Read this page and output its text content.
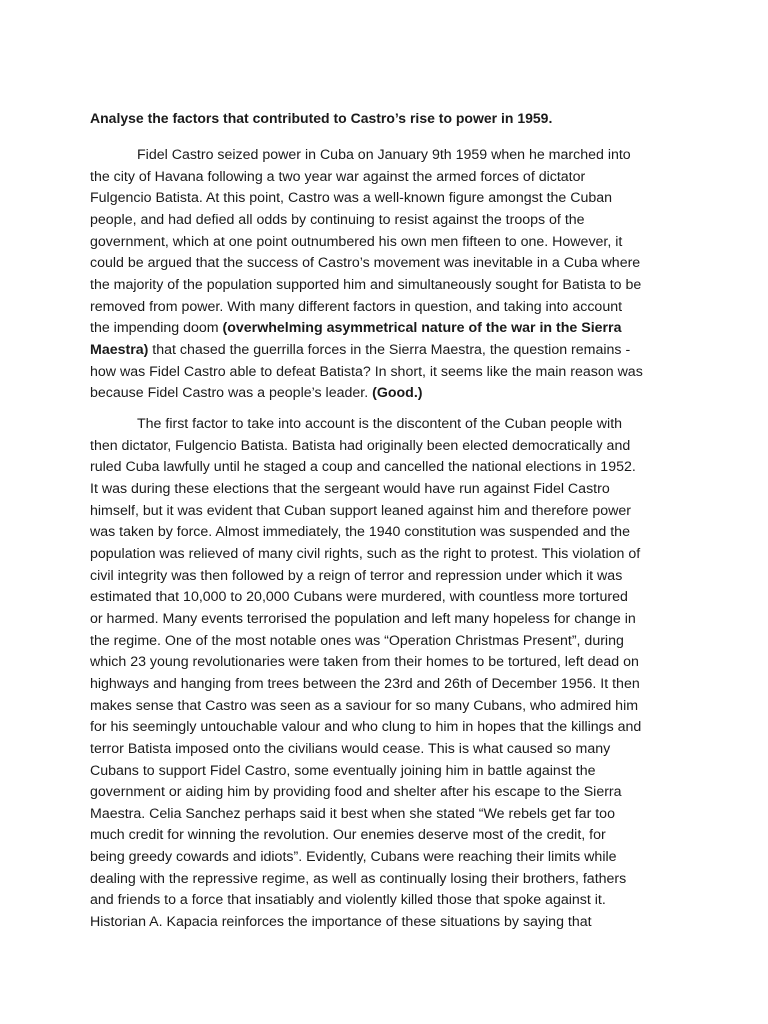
Analyse the factors that contributed to Castro’s rise to power in 1959.
Fidel Castro seized power in Cuba on January 9th 1959 when he marched into
the city of Havana following a two year war against the armed forces of dictator
Fulgencio Batista. At this point, Castro was a well-known figure amongst the Cuban
people, and had defied all odds by continuing to resist against the troops of the
government, which at one point outnumbered his own men fifteen to one. However, it
could be argued that the success of Castro’s movement was inevitable in a Cuba where
the majority of the population supported him and simultaneously sought for Batista to be
removed from power. With many different factors in question, and taking into account
the impending doom (overwhelming asymmetrical nature of the war in the Sierra
Maestra) that chased the guerrilla forces in the Sierra Maestra, the question remains -
how was Fidel Castro able to defeat Batista? In short, it seems like the main reason was
because Fidel Castro was a people’s leader. (Good.)
The first factor to take into account is the discontent of the Cuban people with
then dictator, Fulgencio Batista. Batista had originally been elected democratically and
ruled Cuba lawfully until he staged a coup and cancelled the national elections in 1952.
It was during these elections that the sergeant would have run against Fidel Castro
himself, but it was evident that Cuban support leaned against him and therefore power
was taken by force. Almost immediately, the 1940 constitution was suspended and the
population was relieved of many civil rights, such as the right to protest. This violation of
civil integrity was then followed by a reign of terror and repression under which it was
estimated that 10,000 to 20,000 Cubans were murdered, with countless more tortured
or harmed. Many events terrorised the population and left many hopeless for change in
the regime. One of the most notable ones was “Operation Christmas Present”, during
which 23 young revolutionaries were taken from their homes to be tortured, left dead on
highways and hanging from trees between the 23rd and 26th of December 1956. It then
makes sense that Castro was seen as a saviour for so many Cubans, who admired him
for his seemingly untouchable valour and who clung to him in hopes that the killings and
terror Batista imposed onto the civilians would cease. This is what caused so many
Cubans to support Fidel Castro, some eventually joining him in battle against the
government or aiding him by providing food and shelter after his escape to the Sierra
Maestra. Celia Sanchez perhaps said it best when she stated “We rebels get far too
much credit for winning the revolution. Our enemies deserve most of the credit, for
being greedy cowards and idiots”. Evidently, Cubans were reaching their limits while
dealing with the repressive regime, as well as continually losing their brothers, fathers
and friends to a force that insatiably and violently killed those that spoke against it.
Historian A. Kapacia reinforces the importance of these situations by saying that
